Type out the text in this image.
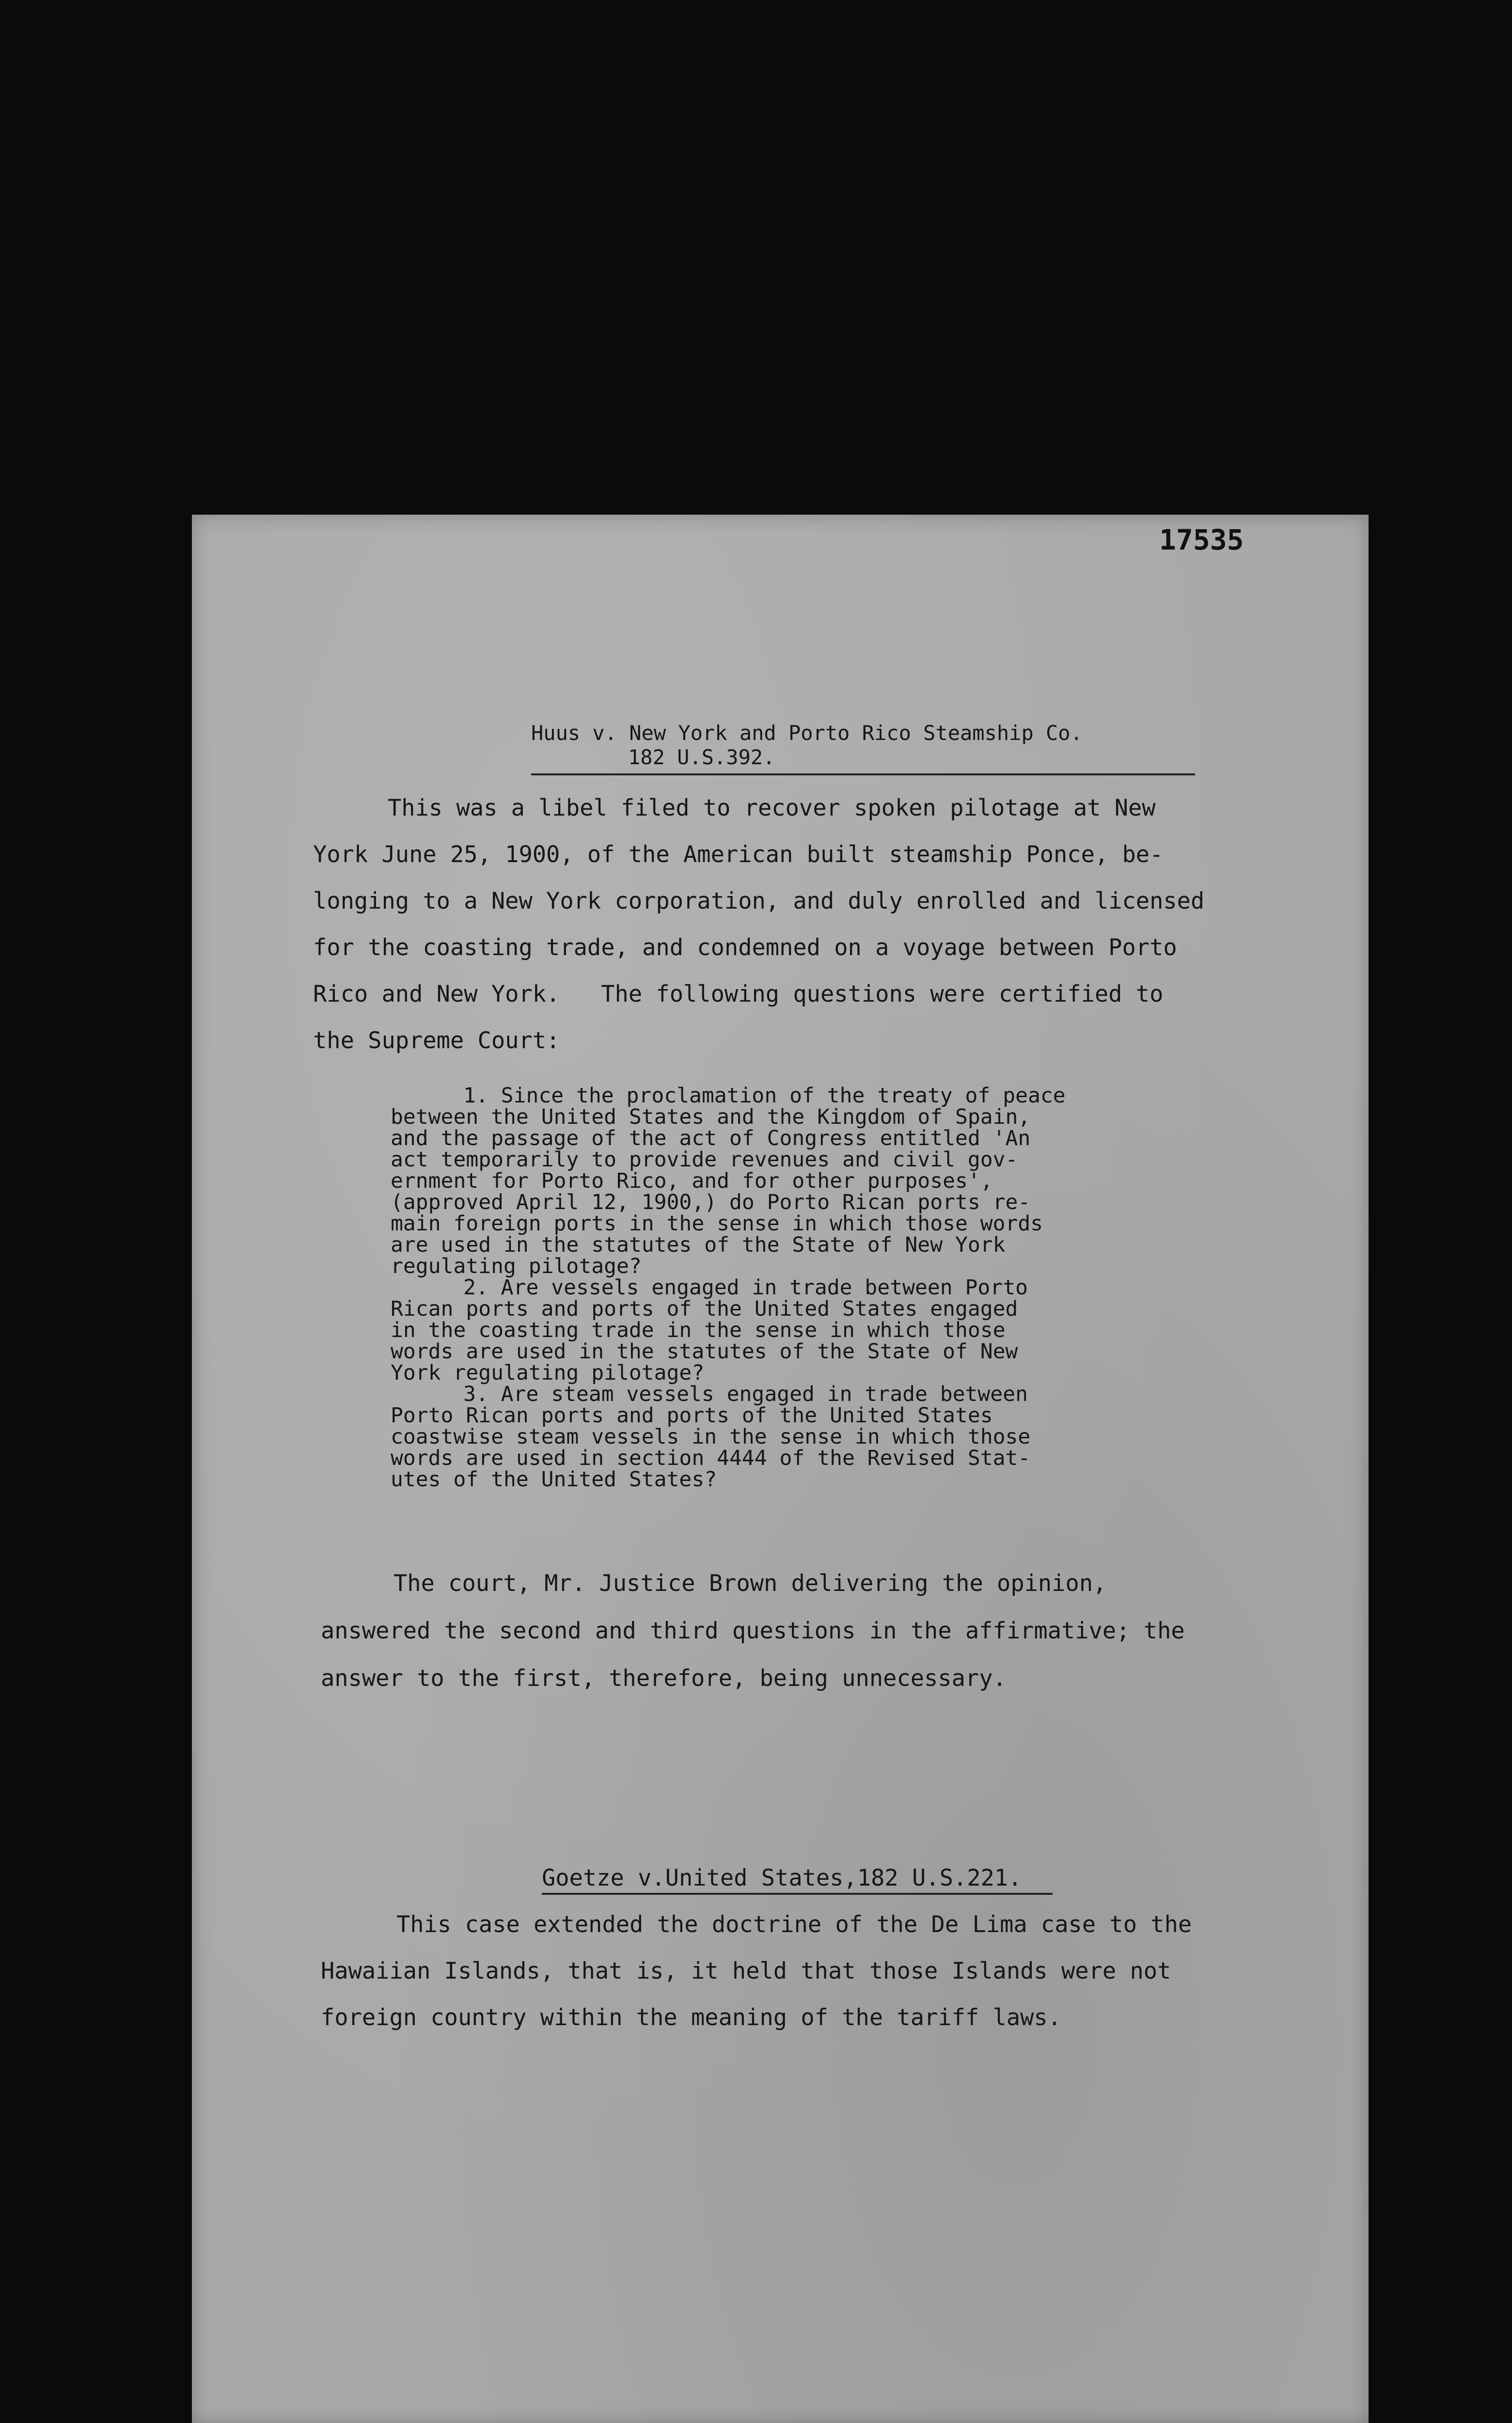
17535
Huus v. New York and Porto Rico Steamship Co.
182 U.S.392.
This was a libel filed to recover spoken pilotage at New
York June 25, 1900, of the American built steamship Ponce, be-
longing to a New York corporation, and duly enrolled and licensed
for the coasting trade, and condemned on a voyage between Porto
Rico and New York.   The following questions were certified to
the Supreme Court:
1. Since the proclamation of the treaty of peace
between the United States and the Kingdom of Spain,
and the passage of the act of Congress entitled 'An
act temporarily to provide revenues and civil gov-
ernment for Porto Rico, and for other purposes',
(approved April 12, 1900,) do Porto Rican ports re-
main foreign ports in the sense in which those words
are used in the statutes of the State of New York
regulating pilotage?
2. Are vessels engaged in trade between Porto
Rican ports and ports of the United States engaged
in the coasting trade in the sense in which those
words are used in the statutes of the State of New
York regulating pilotage?
3. Are steam vessels engaged in trade between
Porto Rican ports and ports of the United States
coastwise steam vessels in the sense in which those
words are used in section 4444 of the Revised Stat-
utes of the United States?
The court, Mr. Justice Brown delivering the opinion,
answered the second and third questions in the affirmative; the
answer to the first, therefore, being unnecessary.
Goetze v.United States,182 U.S.221.
This case extended the doctrine of the De Lima case to the
Hawaiian Islands, that is, it held that those Islands were not
foreign country within the meaning of the tariff laws.
